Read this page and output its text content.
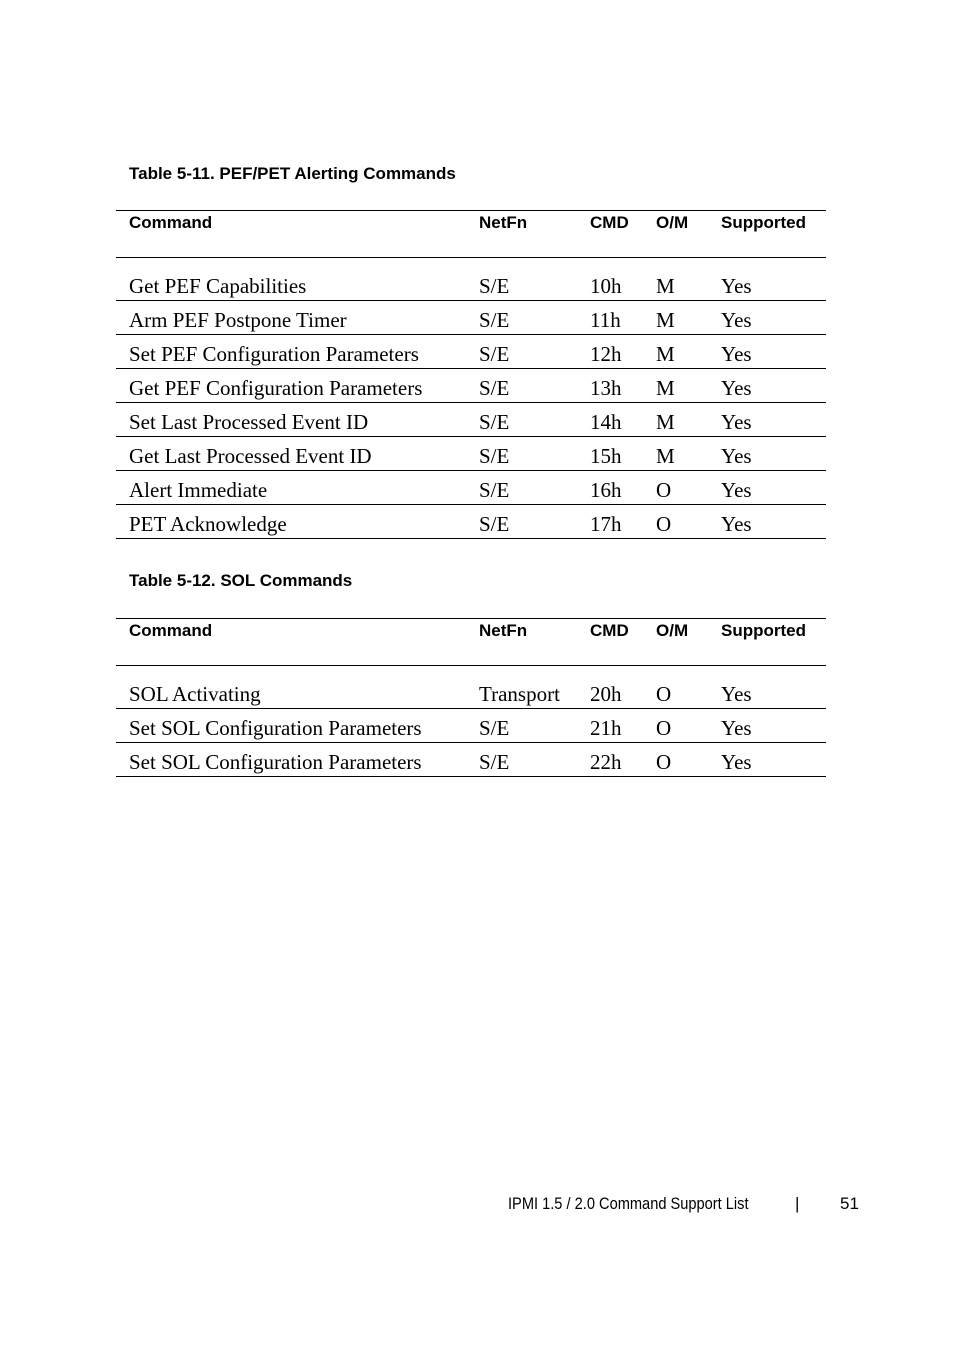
Table 5-11. PEF/PET Alerting Commands
Command	NetFn	CMD O/M Supported
Get PEF Capabilities	S/E	10h M Yes
Arm PEF Postpone Timer	S/E	11h M Yes
Set PEF Configuration Parameters	S/E	12h M Yes
Get PEF Configuration Parameters	S/E	13h M Yes
Set Last Processed Event ID	S/E	14h M Yes
Get Last Processed Event ID	S/E	15h M Yes
Alert Immediate	S/E	16h O Yes
PET Acknowledge	S/E	17h O Yes
Table 5-12. SOL Commands
Command	NetFn	CMD O/M Supported
SOL Activating	Transport 20h O Yes
Set SOL Configuration Parameters	S/E	21h O Yes
Set SOL Configuration Parameters	S/E	22h O Yes
IPMI 1.5 / 2.0 Command Support List	| 51
